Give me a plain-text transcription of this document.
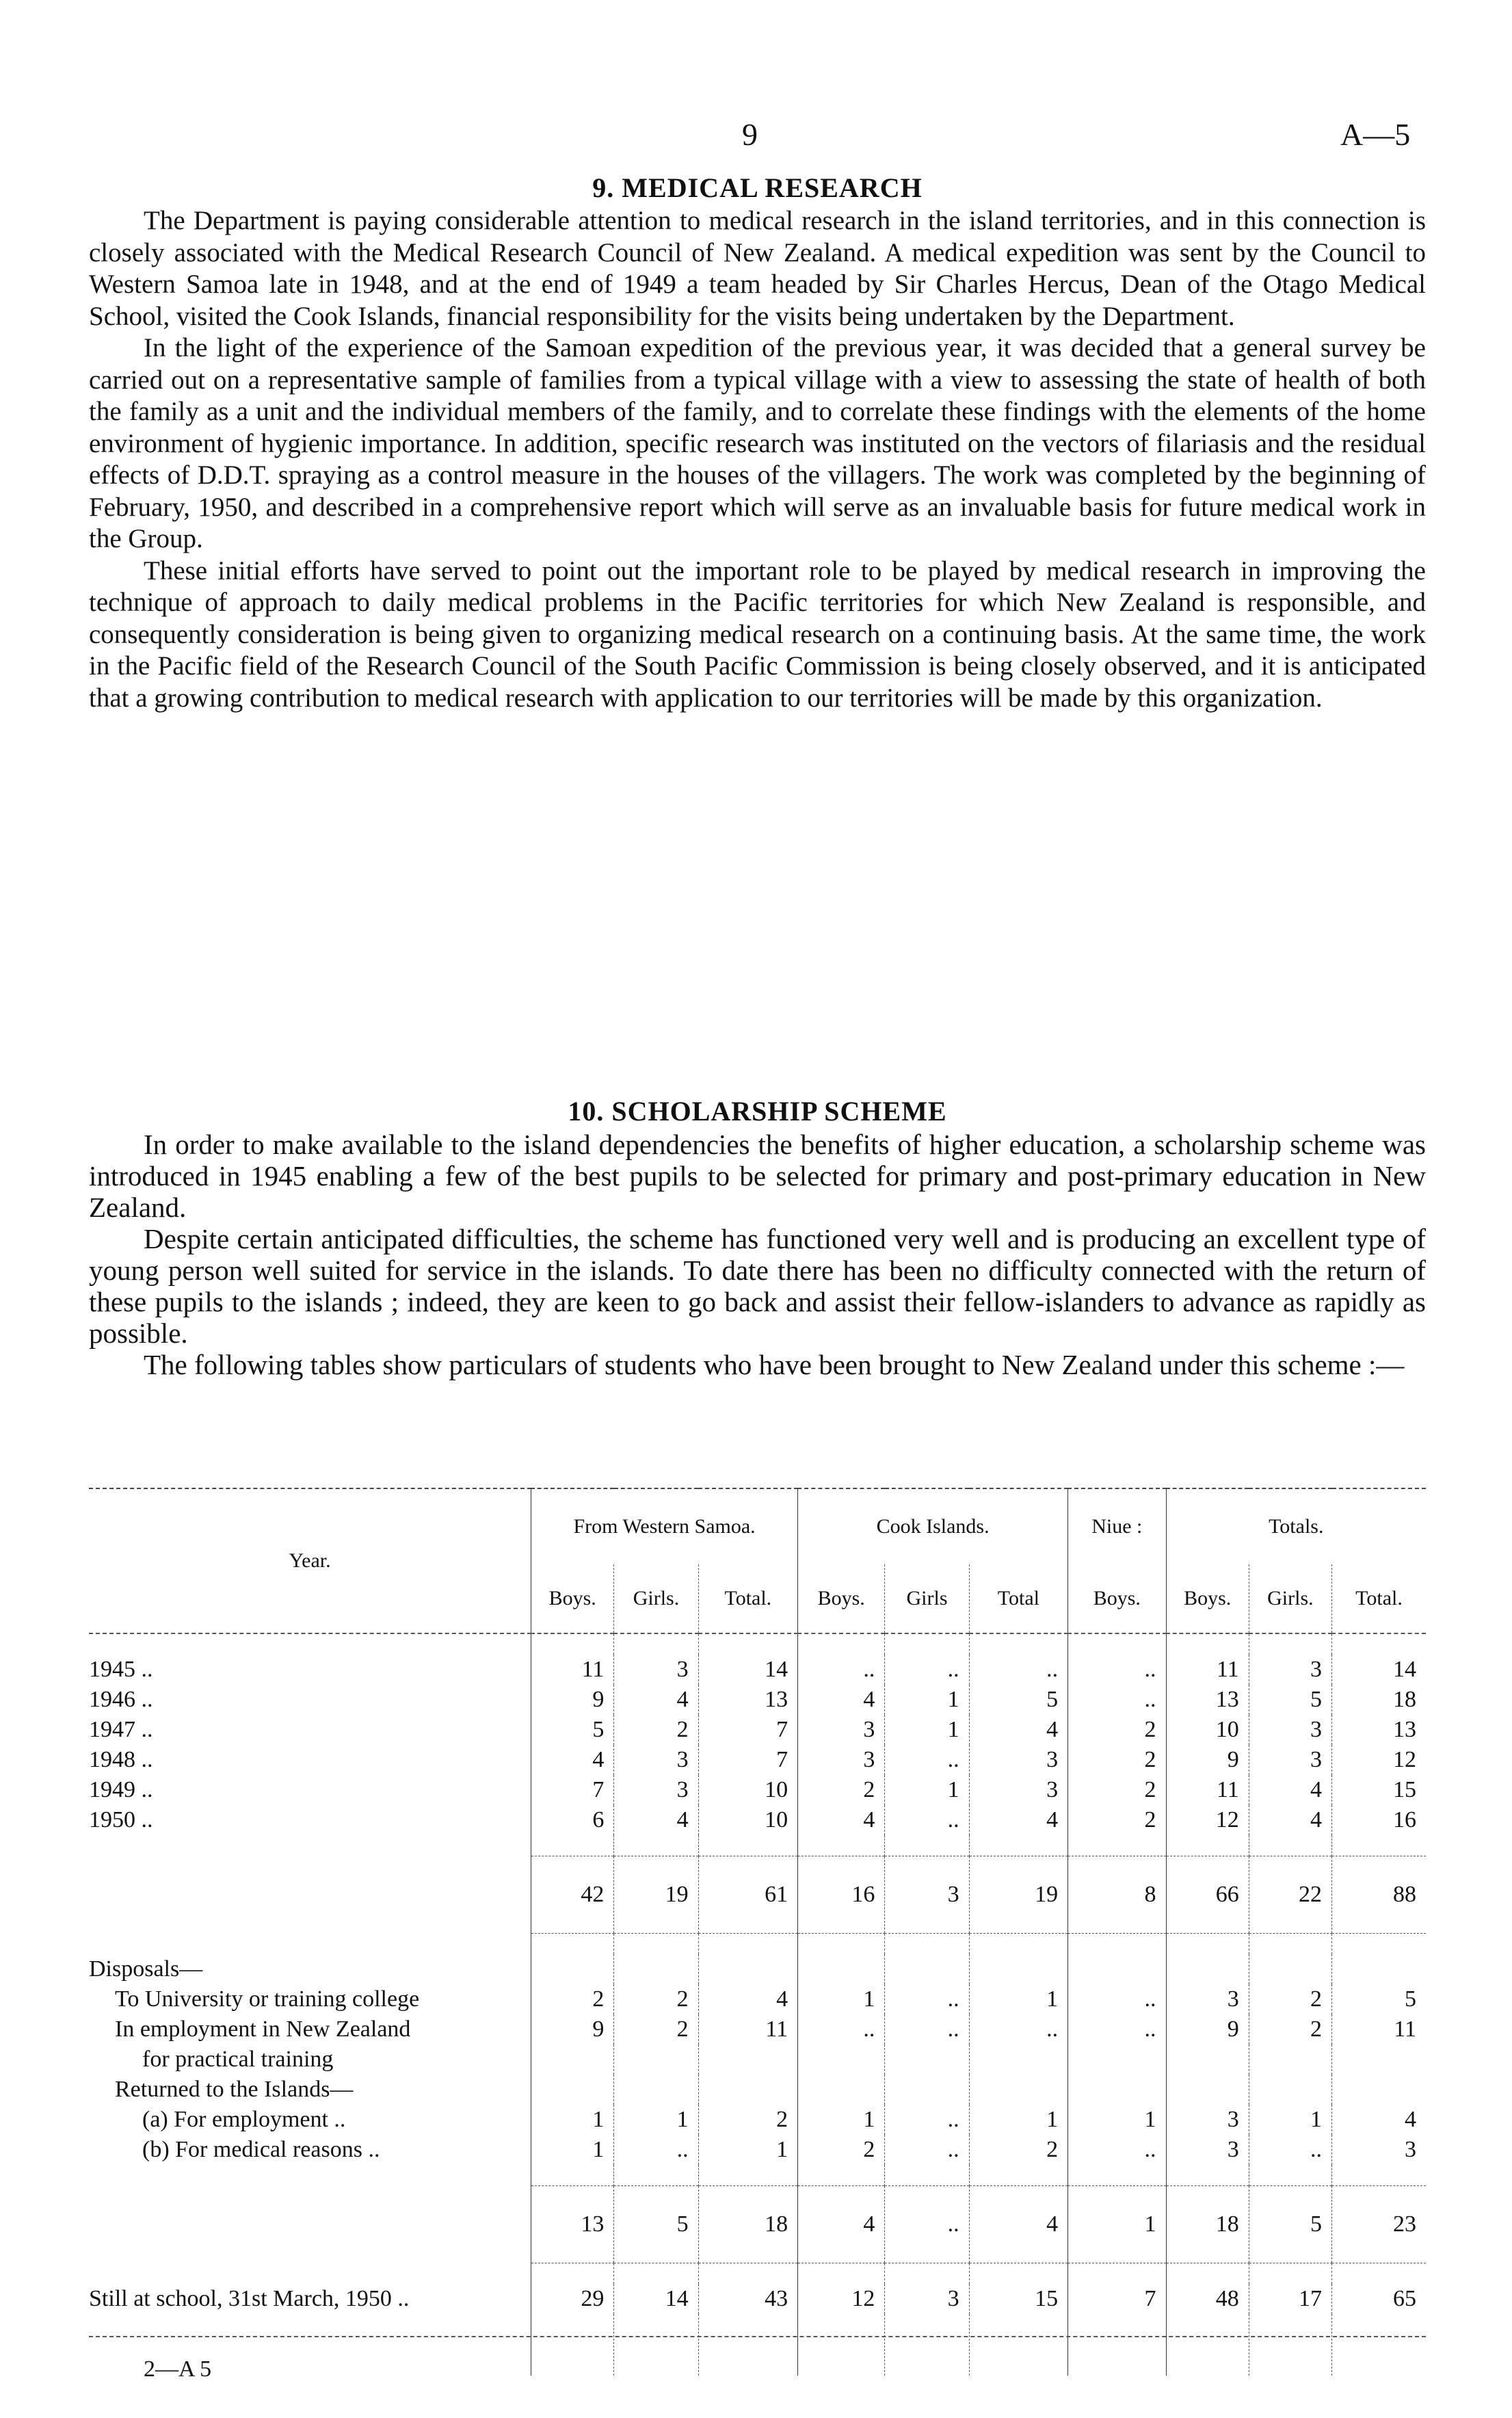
9	A—5
9. MEDICAL RESEARCH

The Department is paying considerable attention to medical research in the island territories, and in this connection is closely associated with the Medical Research Council of New Zealand. A medical expedition was sent by the Council to Western Samoa late in 1948, and at the end of 1949 a team headed by Sir Charles Hercus, Dean of the Otago Medical School, visited the Cook Islands, financial responsibility for the visits being undertaken by the Department.

In the light of the experience of the Samoan expedition of the previous year, it was decided that a general survey be carried out on a representative sample of families from a typical village with a view to assessing the state of health of both the family as a unit and the individual members of the family, and to correlate these findings with the elements of the home environment of hygienic importance. In addition, specific research was instituted on the vectors of filariasis and the residual effects of D.D.T. spraying as a control measure in the houses of the villagers. The work was completed by the beginning of February, 1950, and described in a comprehensive report which will serve as an invaluable basis for future medical work in the Group.

These initial efforts have served to point out the important role to be played by medical research in improving the technique of approach to daily medical problems in the Pacific territories for which New Zealand is responsible, and consequently consideration is being given to organizing medical research on a continuing basis. At the same time, the work in the Pacific field of the Research Council of the South Pacific Commission is being closely observed, and it is anticipated that a growing contribution to medical research with application to our territories will be made by this organization.

10. SCHOLARSHIP SCHEME

In order to make available to the island dependencies the benefits of higher education, a scholarship scheme was introduced in 1945 enabling a few of the best pupils to be selected for primary and post-primary education in New Zealand.

Despite certain anticipated difficulties, the scheme has functioned very well and is producing an excellent type of young person well suited for service in the islands. To date there has been no difficulty connected with the return of these pupils to the islands ; indeed, they are keen to go back and assist their fellow-islanders to advance as rapidly as possible.

The following tables show particulars of students who have been brought to New Zealand under this scheme :—

Year.	From Western Samoa.			Cook Islands.			Niue :	Totals.		
	Boys.	Girls.	Total.	Boys.	Girls	Total	Boys.	Boys.	Girls.	Total.

1945 ..	11	3	14	..	..	..	..	11	3	14
1946 ..	9	4	13	4	1	5	..	13	5	18
1947 ..	5	2	7	3	1	4	2	10	3	13
1948 ..	4	3	7	3	..	3	2	9	3	12
1949 ..	7	3	10	2	1	3	2	11	4	15
1950 ..	6	4	10	4	..	4	2	12	4	16

	42	19	61	16	3	19	8	66	22	88

Disposals—										
To University or training college	2	2	4	1	..	1	..	3	2	5
In employment in New Zealand	9	2	11	..	..	..	..	9	2	11
for practical training										
Returned to the Islands—										
(a) For employment ..	1	1	2	1	..	1	1	3	1	4
(b) For medical reasons ..	1	..	1	2	..	2	..	3	..	3

	13	5	18	4	..	4	1	18	5	23

Still at school, 31st March, 1950 ..	29	14	43	12	3	15	7	48	17	65

2—A 5
